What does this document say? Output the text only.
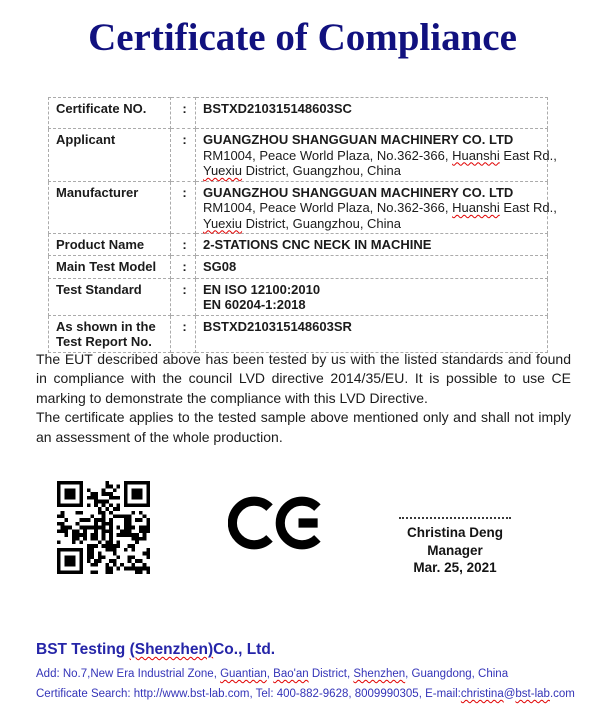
Certificate of Compliance
Certificate NO.	:	BSTXD210315148603SC

Applicant	:	GUANGZHOU SHANGGUAN MACHINERY CO. LTD
RM1004, Peace World Plaza, No.362-366, Huanshi East Rd.,
Yuexiu District, Guangzhou, China

Manufacturer	:	GUANGZHOU SHANGGUAN MACHINERY CO. LTD
RM1004, Peace World Plaza, No.362-366, Huanshi East Rd.,
Yuexiu District, Guangzhou, China

Product Name	:	2-STATIONS CNC NECK IN MACHINE

Main Test Model	:	SG08

Test Standard	:	EN ISO 12100:2010
EN 60204-1:2018

As shown in the Test Report No.	:	BSTXD210315148603SR

The EUT described above has been tested by us with the listed standards and found in compliance with the council LVD directive 2014/35/EU. It is possible to use CE marking to demonstrate the compliance with this LVD Directive.

The certificate applies to the tested sample above mentioned only and shall not imply an assessment of the whole production.

Christina Deng
Manager
Mar. 25, 2021
BST Testing (Shenzhen)Co., Ltd.
Add: No.7,New Era Industrial Zone, Guantian, Bao'an District, Shenzhen, Guangdong, China
Certificate Search: http://www.bst-lab.com, Tel: 400-882-9628, 8009990305, E-mail:christina@bst-lab.com
